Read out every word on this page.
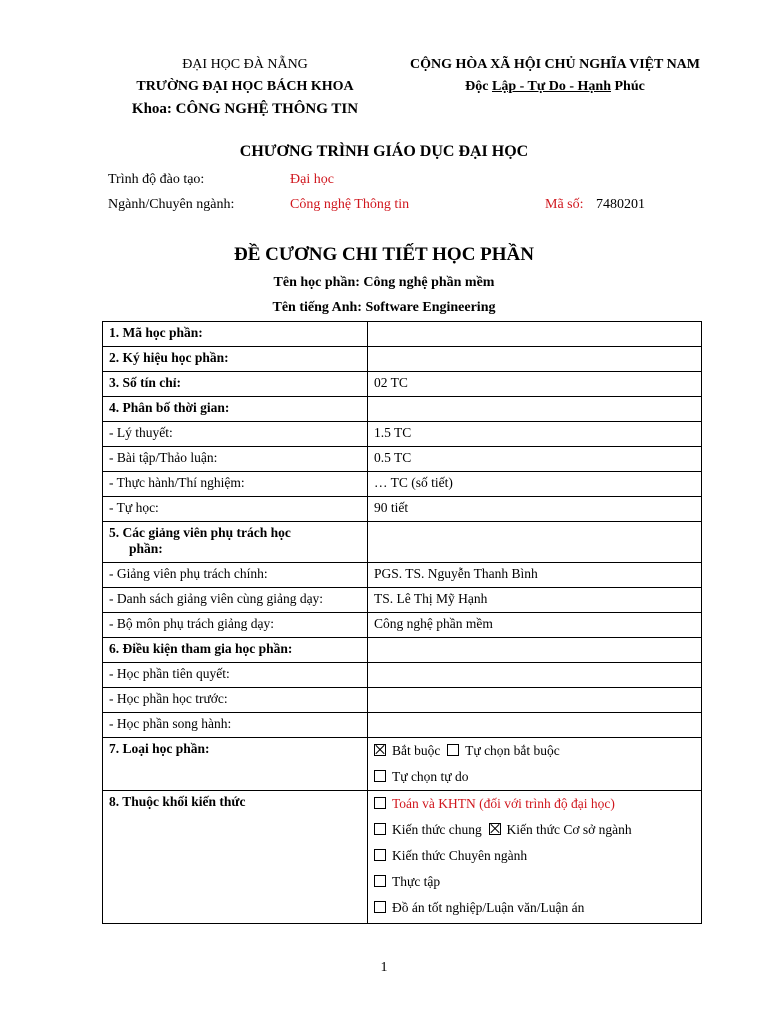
ĐẠI HỌC ĐÀ NẴNG
TRƯỜNG ĐẠI HỌC BÁCH KHOA
Khoa: CÔNG NGHỆ THÔNG TIN
CỘNG HÒA XÃ HỘI CHỦ NGHĨA VIỆT NAM
Độc Lập - Tự Do - Hạnh Phúc
CHƯƠNG TRÌNH GIÁO DỤC ĐẠI HỌC
Trình độ đào tạo:	Đại học
Ngành/Chuyên ngành:	Công nghệ Thông tin	Mã số: 7480201
ĐỀ CƯƠNG CHI TIẾT HỌC PHẦN
Tên học phần: Công nghệ phần mềm
Tên tiếng Anh: Software Engineering
1. Mã học phần:	
2. Ký hiệu học phần:	
3. Số tín chỉ:	02 TC
4. Phân bố thời gian:	
- Lý thuyết:	1.5 TC
- Bài tập/Thảo luận:	0.5 TC
- Thực hành/Thí nghiệm:	… TC (số tiết)
- Tự học:	90 tiết

5. Các giảng viên phụ trách học
phần:	

- Giảng viên phụ trách chính:	PGS. TS. Nguyễn Thanh Bình
- Danh sách giảng viên cùng giảng dạy:	TS. Lê Thị Mỹ Hạnh
- Bộ môn phụ trách giảng dạy:	Công nghệ phần mềm
6. Điều kiện tham gia học phần:	
- Học phần tiên quyết:	
- Học phần học trước:	
- Học phần song hành:	
7. Loại học phần:	Bắt buộc Tự chọn bắt buộc
Tự chọn tự do

8. Thuộc khối kiến thức	Toán và KHTN (đối với trình độ đại học)
Kiến thức chung Kiến thức Cơ sở ngành
Kiến thức Chuyên ngành
Thực tập
Đồ án tốt nghiệp/Luận văn/Luận án
1
